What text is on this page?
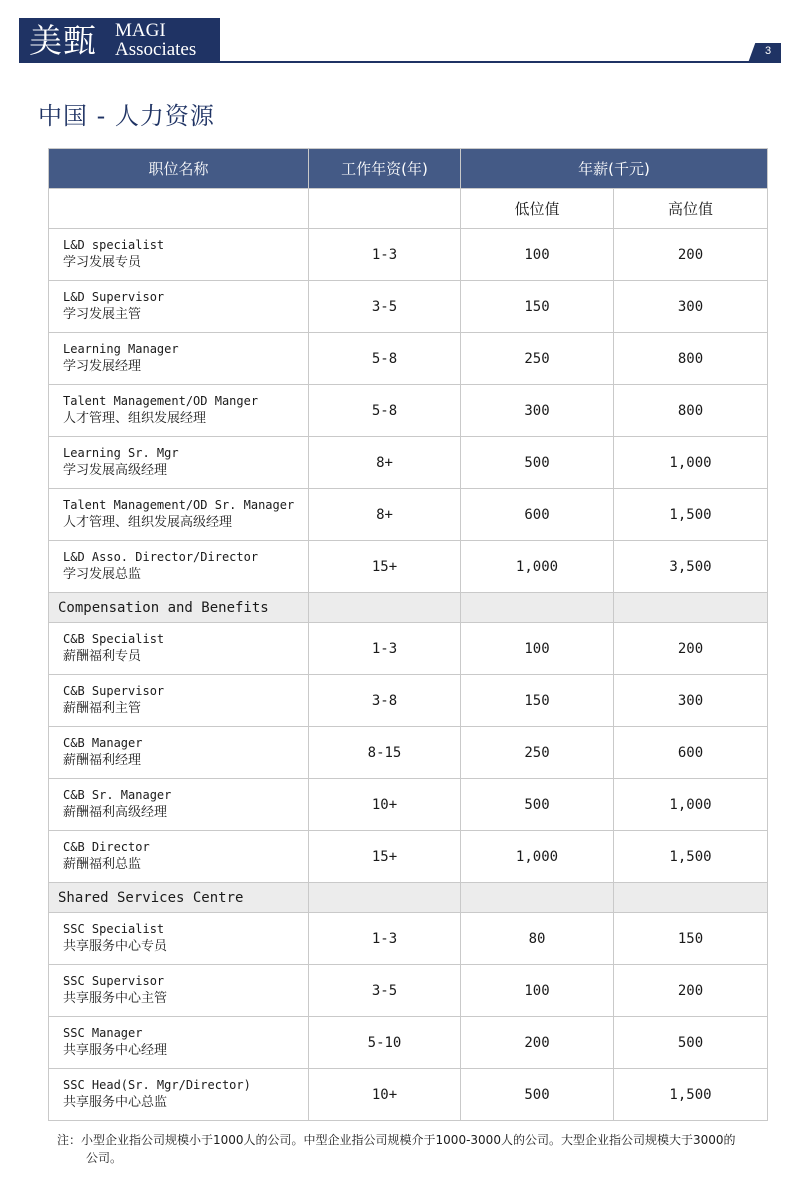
美甄 MAGI
Associates	3
中国 - 人力资源
职位名称	工作年资(年)	年薪(千元)	
		低位值	高位值

L&D specialist
学习发展专员	1-3	100	200

L&D Supervisor
学习发展主管	3-5	150	300

Learning Manager
学习发展经理	5-8	250	800

Talent Management/OD Manger
人才管理、组织发展经理	5-8	300	800

Learning Sr. Mgr
学习发展高级经理	8+	500	1,000

Talent Management/OD Sr. Manager
人才管理、组织发展高级经理	8+	600	1,500

L&D Asso. Director/Director
学习发展总监	15+	1,000	3,500
Compensation and Benefits			

C&B Specialist
薪酬福利专员	1-3	100	200

C&B Supervisor
薪酬福利主管	3-8	150	300

C&B Manager
薪酬福利经理	8-15	250	600

C&B Sr. Manager
薪酬福利高级经理	10+	500	1,000

C&B Director
薪酬福利总监	15+	1,000	1,500
Shared Services Centre			

SSC Specialist
共享服务中心专员	1-3	80	150

SSC Supervisor
共享服务中心主管	3-5	100	200

SSC Manager
共享服务中心经理	5-10	200	500

SSC Head(Sr. Mgr/Director)
共享服务中心总监	10+	500	1,500
注：小型企业指公司规模小于1000人的公司。中型企业指公司规模介于1000-3000人的公司。大型企业指公司规模大于3000的公司。
